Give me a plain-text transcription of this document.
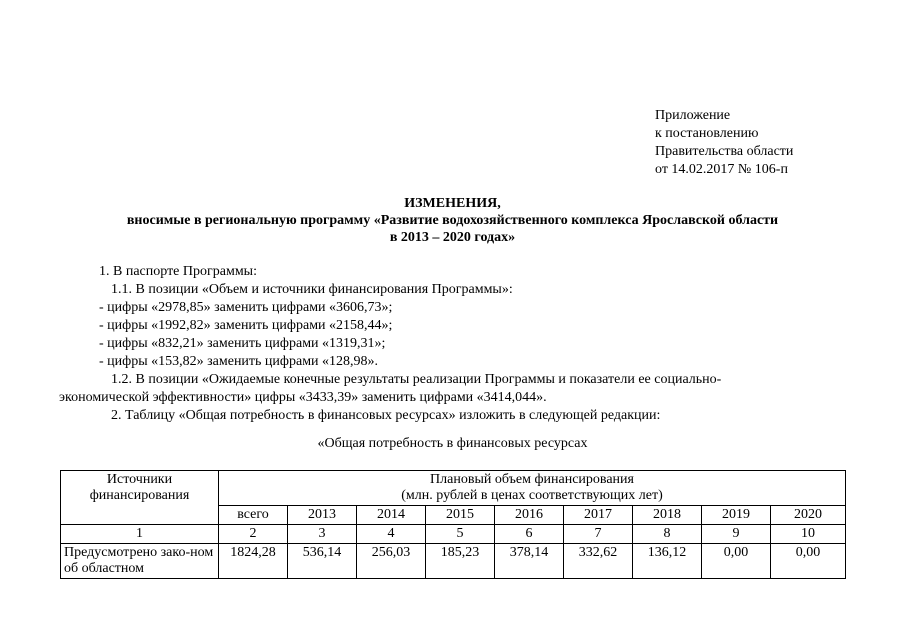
Приложение
к постановлению
Правительства области
от 14.02.2017 № 106-п
ИЗМЕНЕНИЯ,
вносимые в региональную программу «Развитие водохозяйственного комплекса Ярославской области
в 2013 – 2020 годах»

1. В паспорте Программы:

1.1. В позиции «Объем и источники финансирования Программы»:

- цифры «2978,85» заменить цифрами «3606,73»;

- цифры «1992,82» заменить цифрами «2158,44»;

- цифры «832,21» заменить цифрами «1319,31»;

- цифры «153,82» заменить цифрами «128,98».

1.2. В позиции «Ожидаемые конечные результаты реализации Программы и показатели ее социально-

экономической эффективности» цифры «3433,39» заменить цифрами «3414,044».

2. Таблицу «Общая потребность в финансовых ресурсах» изложить в следующей редакции:

«Общая потребность в финансовых ресурсах
Источники финансирования	Плановый объем финансирования
(млн. рублей в ценах соответствующих лет)								

	всего	2013	2014	2015	2016	2017	2018	2019	2020
1	2	3	4	5	6	7	8	9	10
Предусмотрено зако-ном об областном	1824,28	536,14	256,03	185,23	378,14	332,62	136,12	0,00	0,00
